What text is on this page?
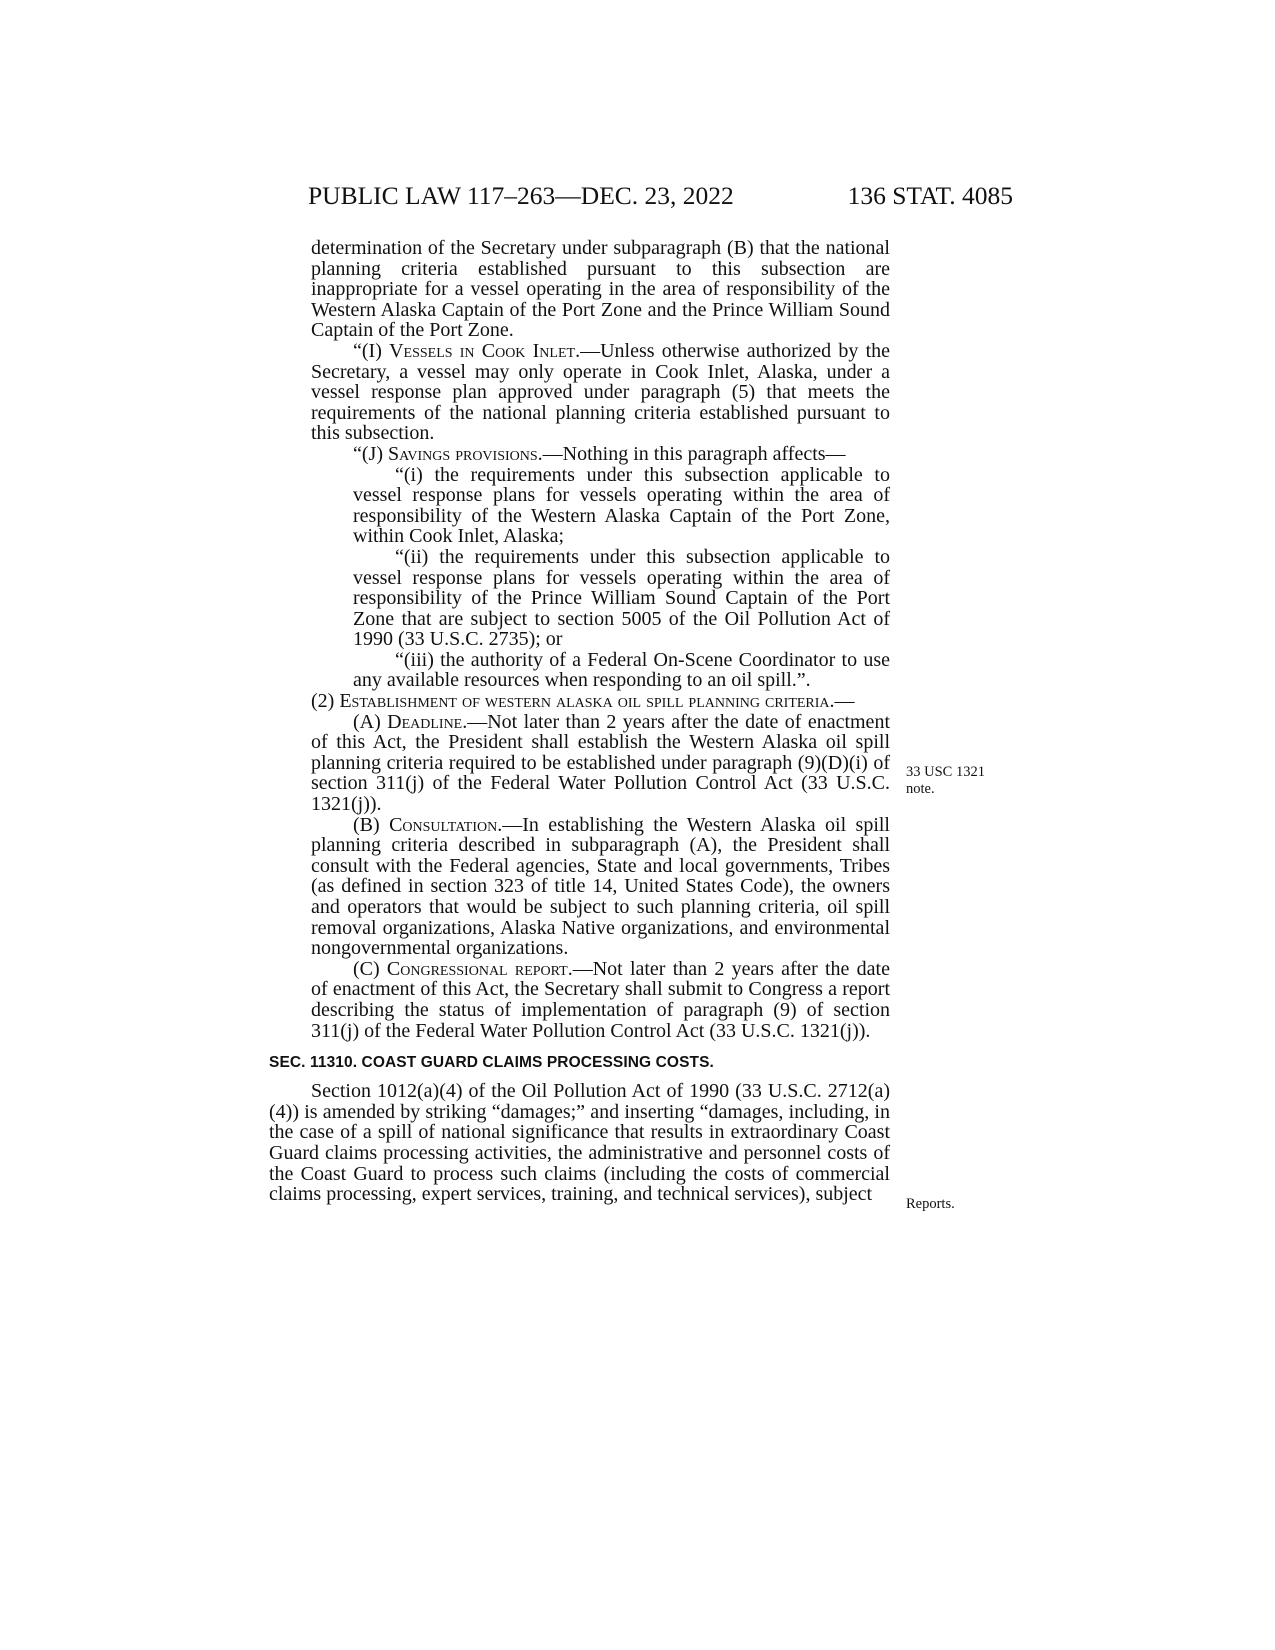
PUBLIC LAW 117–263—DEC. 23, 2022	136 STAT. 4085

determination of the Secretary under subparagraph (B) that the national planning criteria established pursuant to this subsection are inappropriate for a vessel operating in the area of responsibility of the Western Alaska Captain of the Port Zone and the Prince William Sound Captain of the Port Zone.

“(I) Vessels in Cook Inlet.—Unless otherwise authorized by the Secretary, a vessel may only operate in Cook Inlet, Alaska, under a vessel response plan approved under paragraph (5) that meets the requirements of the national planning criteria established pursuant to this subsection.

“(J) Savings provisions.—Nothing in this paragraph affects—

“(i) the requirements under this subsection applicable to vessel response plans for vessels operating within the area of responsibility of the Western Alaska Captain of the Port Zone, within Cook Inlet, Alaska;

“(ii) the requirements under this subsection applicable to vessel response plans for vessels operating within the area of responsibility of the Prince William Sound Captain of the Port Zone that are subject to section 5005 of the Oil Pollution Act of 1990 (33 U.S.C. 2735); or

“(iii) the authority of a Federal On-Scene Coordinator to use any available resources when responding to an oil spill.”.

(2) Establishment of western alaska oil spill planning criteria.—

(A) Deadline.—Not later than 2 years after the date of enactment of this Act, the President shall establish the Western Alaska oil spill planning criteria required to be established under paragraph (9)(D)(i) of section 311(j) of the Federal Water Pollution Control Act (33 U.S.C. 1321(j)).

(B) Consultation.—In establishing the Western Alaska oil spill planning criteria described in subparagraph (A), the President shall consult with the Federal agencies, State and local governments, Tribes (as defined in section 323 of title 14, United States Code), the owners and operators that would be subject to such planning criteria, oil spill removal organizations, Alaska Native organizations, and environmental nongovernmental organizations.

(C) Congressional report.—Not later than 2 years after the date of enactment of this Act, the Secretary shall submit to Congress a report describing the status of implementation of paragraph (9) of section 311(j) of the Federal Water Pollution Control Act (33 U.S.C. 1321(j)).

SEC. 11310. COAST GUARD CLAIMS PROCESSING COSTS.

Section 1012(a)(4) of the Oil Pollution Act of 1990 (33 U.S.C. 2712(a)(4)) is amended by striking “damages;” and inserting “damages, including, in the case of a spill of national significance that results in extraordinary Coast Guard claims processing activities, the administrative and personnel costs of the Coast Guard to process such claims (including the costs of commercial claims processing, expert services, training, and technical services), subject

33 USC 1321
note.
Reports.
